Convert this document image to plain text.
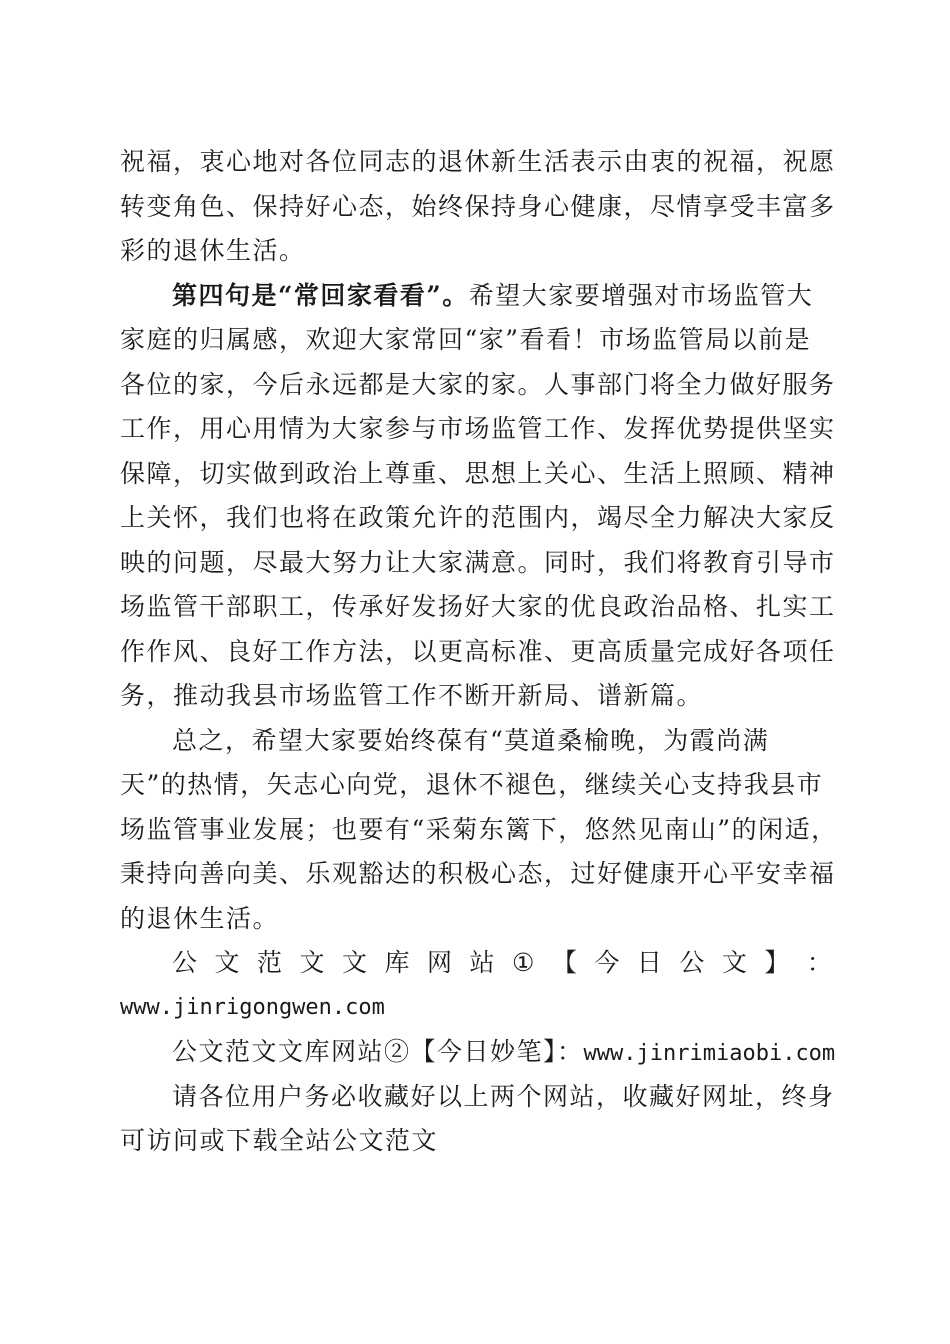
祝福，衷心地对各位同志的退休新生活表示由衷的祝福，祝愿
转变角色、保持好心态，始终保持身心健康，尽情享受丰富多
彩的退休生活。
第四句是“常回家看看”。希望大家要增强对市场监管大
家庭的归属感，欢迎大家常回“家”看看！市场监管局以前是
各位的家，今后永远都是大家的家。人事部门将全力做好服务
工作，用心用情为大家参与市场监管工作、发挥优势提供坚实
保障，切实做到政治上尊重、思想上关心、生活上照顾、精神
上关怀，我们也将在政策允许的范围内，竭尽全力解决大家反
映的问题，尽最大努力让大家满意。同时，我们将教育引导市
场监管干部职工，传承好发扬好大家的优良政治品格、扎实工
作作风、良好工作方法，以更高标准、更高质量完成好各项任
务，推动我县市场监管工作不断开新局、谱新篇。
总之，希望大家要始终葆有“莫道桑榆晚，为霞尚满
天”的热情，矢志心向党，退休不褪色，继续关心支持我县市
场监管事业发展；也要有“采菊东篱下，悠然见南山”的闲适，
秉持向善向美、乐观豁达的积极心态，过好健康开心平安幸福
的退休生活。
公 文 范 文 文 库 网 站 ① 【 今 日 公 文 】 ：
www.jinrigongwen.com
公文范文文库网站②【今日妙笔】：www.jinrimiaobi.com
请各位用户务必收藏好以上两个网站，收藏好网址，终身
可访问或下载全站公文范文
